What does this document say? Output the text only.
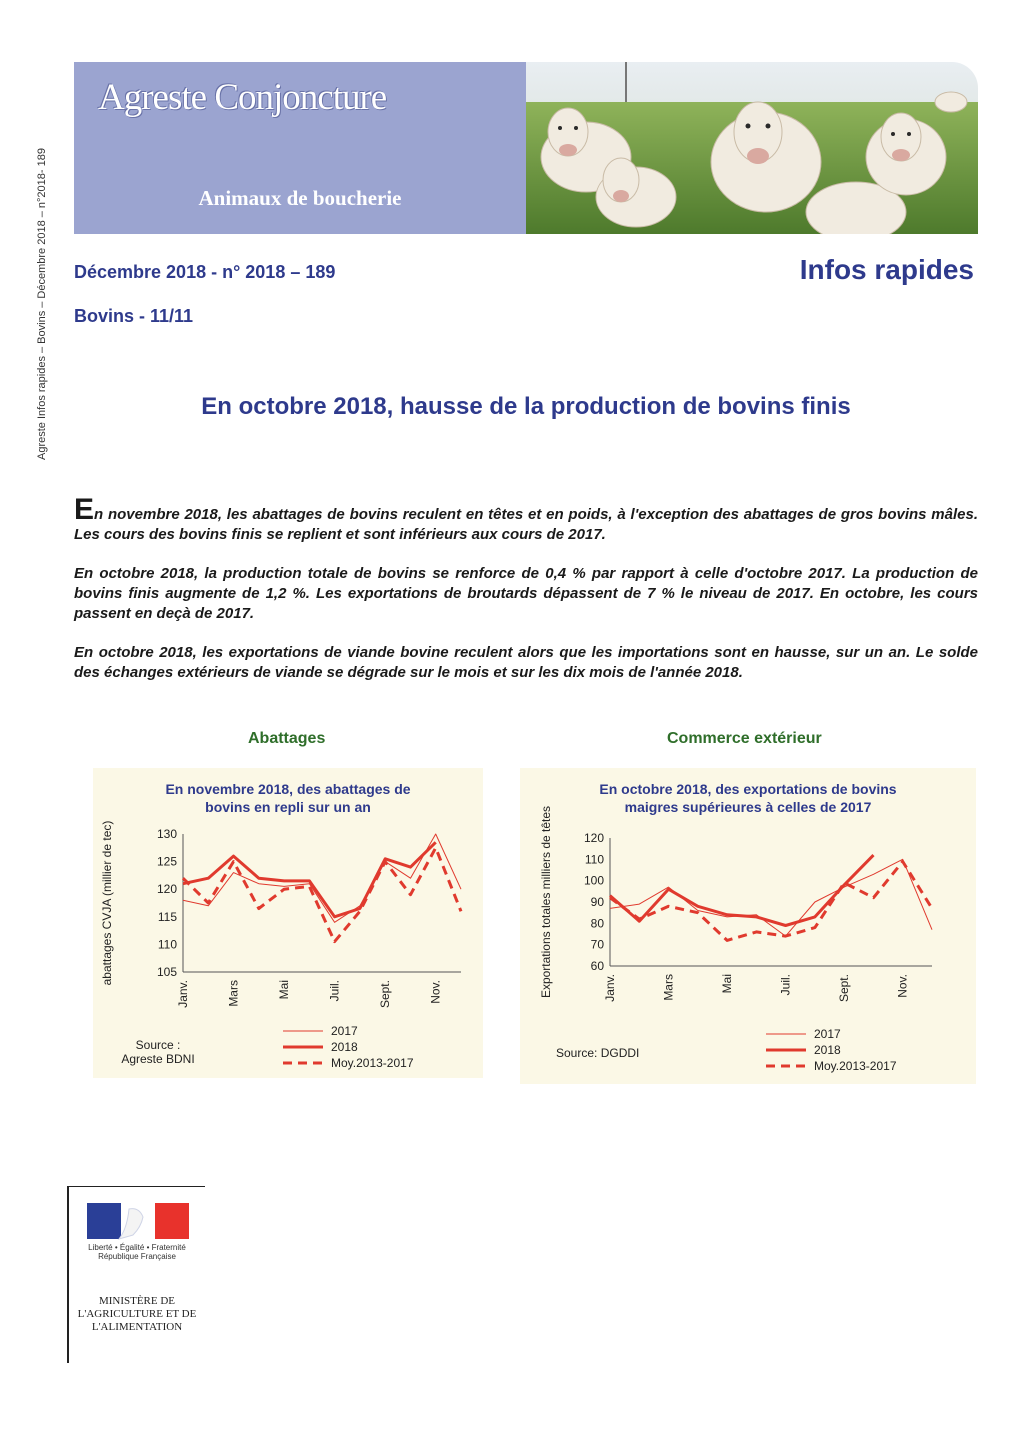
Agreste Infos rapides – Bovins – Décembre 2018 – n°2018- 189
Agreste Conjoncture
Animaux de boucherie
Décembre 2018 - n° 2018 – 189	Infos rapides
Bovins - 11/11
En octobre 2018, hausse de la production de bovins finis

En novembre 2018, les abattages de bovins reculent en têtes et en poids, à l'exception des abattages de gros bovins mâles. Les cours des bovins finis se replient et sont inférieurs aux cours de 2017.

En octobre 2018, la production totale de bovins se renforce de 0,4 % par rapport à celle d'octobre 2017. La production de bovins finis augmente de 1,2 %. Les exportations de broutards dépassent de 7 % le niveau de 2017. En octobre, les cours passent en deçà de 2017.

En octobre 2018, les exportations de viande bovine reculent alors que les importations sont en hausse, sur un an. Le solde des échanges extérieurs de viande se dégrade sur le mois et sur les dix mois de l'année 2018.

Abattages	Commerce extérieur
En novembre 2018, des abattages de bovins en repli sur un an
105
110
115
120
125
130
Janv.	Mars	Mai	Juil.	Sept.	Nov.
abattages CVJA (millier de tec)
2017
2018
Moy.2013-2017
Source :
Agreste BDNI
En octobre 2018, des exportations de bovins maigres supérieures à celles de 2017
60
70
80
90
100
110
120
Janv.	Mars	Mai	Juil.	Sept.	Nov.
Exportations totales milliers de têtes
2017
2018
Moy.2013-2017
Source: DGDDI
Liberté • Égalité • Fraternité
République Française
MINISTÈRE DE L'AGRICULTURE ET DE L'ALIMENTATION
